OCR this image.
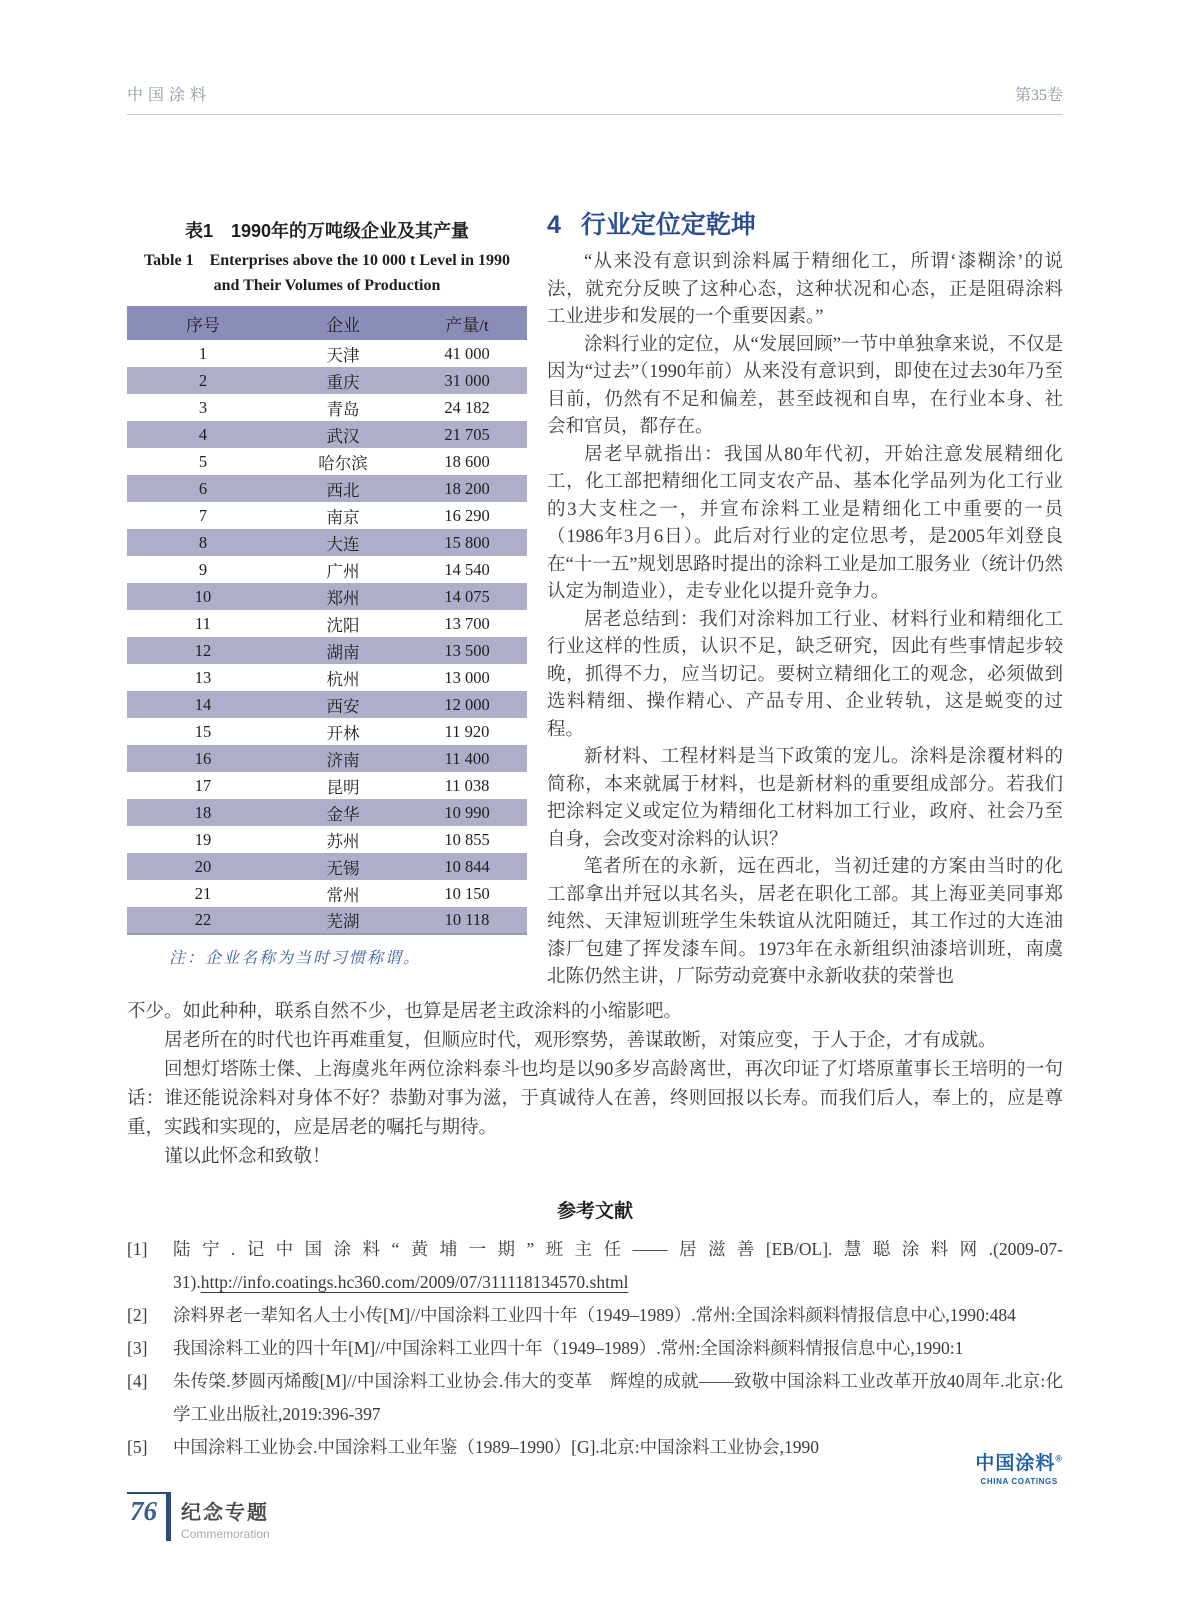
中国涂料	第35卷
表1　1990年的万吨级企业及其产量
Table 1　Enterprises above the 10 000 t Level in 1990
and Their Volumes of Production
序号	企业	产量/t
1	天津	41 000
2	重庆	31 000
3	青岛	24 182
4	武汉	21 705
5	哈尔滨	18 600
6	西北	18 200
7	南京	16 290
8	大连	15 800
9	广州	14 540
10	郑州	14 075
11	沈阳	13 700
12	湖南	13 500
13	杭州	13 000
14	西安	12 000
15	开林	11 920
16	济南	11 400
17	昆明	11 038
18	金华	10 990
19	苏州	10 855
20	无锡	10 844
21	常州	10 150
22	芜湖	10 118
注：企业名称为当时习惯称谓。
4 行业定位定乾坤

“从来没有意识到涂料属于精细化工，所谓‘漆糊涂’的说法，就充分反映了这种心态，这种状况和心态，正是阻碍涂料工业进步和发展的一个重要因素。”

涂料行业的定位，从“发展回顾”一节中单独拿来说，不仅是因为“过去”（1990年前）从来没有意识到，即使在过去30年乃至目前，仍然有不足和偏差，甚至歧视和自卑，在行业本身、社会和官员，都存在。

居老早就指出：我国从80年代初，开始注意发展精细化工，化工部把精细化工同支农产品、基本化学品列为化工行业的3大支柱之一，并宣布涂料工业是精细化工中重要的一员（1986年3月6日）。此后对行业的定位思考，是2005年刘登良在“十一五”规划思路时提出的涂料工业是加工服务业（统计仍然认定为制造业），走专业化以提升竞争力。

居老总结到：我们对涂料加工行业、材料行业和精细化工行业这样的性质，认识不足，缺乏研究，因此有些事情起步较晚，抓得不力，应当切记。要树立精细化工的观念，必须做到选料精细、操作精心、产品专用、企业转轨，这是蜕变的过程。

新材料、工程材料是当下政策的宠儿。涂料是涂覆材料的简称，本来就属于材料，也是新材料的重要组成部分。若我们把涂料定义或定位为精细化工材料加工行业，政府、社会乃至自身，会改变对涂料的认识？

笔者所在的永新，远在西北，当初迁建的方案由当时的化工部拿出并冠以其名头，居老在职化工部。其上海亚美同事郑纯然、天津短训班学生朱轶谊从沈阳随迁，其工作过的大连油漆厂包建了挥发漆车间。1973年在永新组织油漆培训班，南虞北陈仍然主讲，厂际劳动竞赛中永新收获的荣誉也

不少。如此种种，联系自然不少，也算是居老主政涂料的小缩影吧。

居老所在的时代也许再难重复，但顺应时代，观形察势，善谋敢断，对策应变，于人于企，才有成就。

回想灯塔陈士傑、上海虞兆年两位涂料泰斗也均是以90多岁高龄离世，再次印证了灯塔原董事长王培明的一句话：谁还能说涂料对身体不好？恭勤对事为滋，于真诚待人在善，终则回报以长寿。而我们后人，奉上的，应是尊重，实践和实现的，应是居老的嘱托与期待。

谨以此怀念和致敬！

参考文献
[1]	陆宁.记中国涂料“黄埔一期”班主任——居滋善[EB/OL].慧聪涂料网.(2009-07-31).http://info.coatings.hc360.com/2009/07/311118134570.shtml
[2]	涂料界老一辈知名人士小传[M]//中国涂料工业四十年（1949–1989）.常州:全国涂料颜料情报信息中心,1990:484
[3]	我国涂料工业的四十年[M]//中国涂料工业四十年（1949–1989）.常州:全国涂料颜料情报信息中心,1990:1
[4]	朱传棨.梦圆丙烯酸[M]//中国涂料工业协会.伟大的变革　辉煌的成就——致敬中国涂料工业改革开放40周年.北京:化学工业出版社,2019:396-397
[5]	中国涂料工业协会.中国涂料工业年鉴（1989–1990）[G].北京:中国涂料工业协会,1990
中国涂料®
CHINA COATINGS
76	纪念专题
Commemoration
